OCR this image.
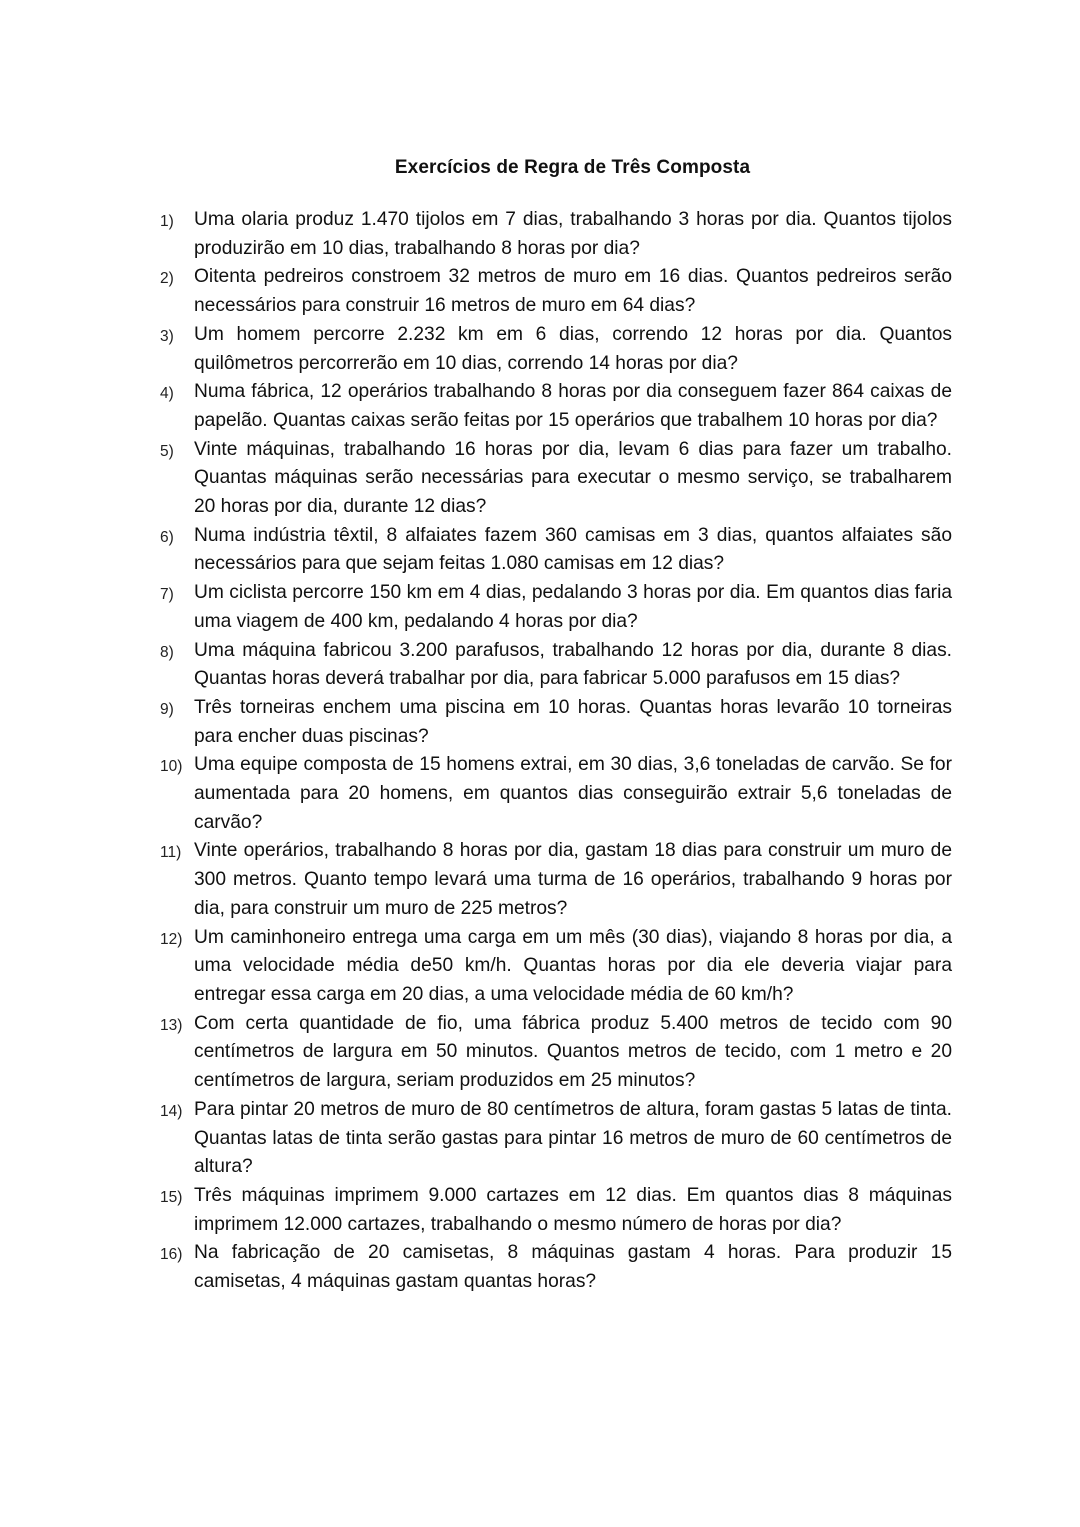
Exercícios de Regra de Três Composta
1) Uma olaria produz 1.470 tijolos em 7 dias, trabalhando 3 horas por dia. Quantos tijolos produzirão em 10 dias, trabalhando 8 horas por dia?
2) Oitenta pedreiros constroem 32 metros de muro em 16 dias. Quantos pedreiros serão necessários para construir 16 metros de muro em 64 dias?
3) Um homem percorre 2.232 km em 6 dias, correndo 12 horas por dia. Quantos quilômetros percorrerão em 10 dias, correndo 14 horas por dia?
4) Numa fábrica, 12 operários trabalhando 8 horas por dia conseguem fazer 864 caixas de papelão. Quantas caixas serão feitas por 15 operários que trabalhem 10 horas por dia?
5) Vinte máquinas, trabalhando 16 horas por dia, levam 6 dias para fazer um trabalho. Quantas máquinas serão necessárias para executar o mesmo serviço, se trabalharem 20 horas por dia, durante 12 dias?
6) Numa indústria têxtil, 8 alfaiates fazem 360 camisas em 3 dias, quantos alfaiates são necessários para que sejam feitas 1.080 camisas em 12 dias?
7) Um ciclista percorre 150 km em 4 dias, pedalando 3 horas por dia. Em quantos dias faria uma viagem de 400 km, pedalando 4 horas por dia?
8) Uma máquina fabricou 3.200 parafusos, trabalhando 12 horas por dia, durante 8 dias. Quantas horas deverá trabalhar por dia, para fabricar 5.000 parafusos em 15 dias?
9) Três torneiras enchem uma piscina em 10 horas. Quantas horas levarão 10 torneiras para encher duas piscinas?
10) Uma equipe composta de 15 homens extrai, em 30 dias, 3,6 toneladas de carvão. Se for aumentada para 20 homens, em quantos dias conseguirão extrair 5,6 toneladas de carvão?
11) Vinte operários, trabalhando 8 horas por dia, gastam 18 dias para construir um muro de 300 metros. Quanto tempo levará uma turma de 16 operários, trabalhando 9 horas por dia, para construir um muro de 225 metros?
12) Um caminhoneiro entrega uma carga em um mês (30 dias), viajando 8 horas por dia, a uma velocidade média de50 km/h. Quantas horas por dia ele deveria viajar para entregar essa carga em 20 dias, a uma velocidade média de 60 km/h?
13) Com certa quantidade de fio, uma fábrica produz 5.400 metros de tecido com 90 centímetros de largura em 50 minutos. Quantos metros de tecido, com 1 metro e 20 centímetros de largura, seriam produzidos em 25 minutos?
14) Para pintar 20 metros de muro de 80 centímetros de altura, foram gastas 5 latas de tinta. Quantas latas de tinta serão gastas para pintar 16 metros de muro de 60 centímetros de altura?
15) Três máquinas imprimem 9.000 cartazes em 12 dias. Em quantos dias 8 máquinas imprimem 12.000 cartazes, trabalhando o mesmo número de horas por dia?
16) Na fabricação de 20 camisetas, 8 máquinas gastam 4 horas. Para produzir 15 camisetas, 4 máquinas gastam quantas horas?
